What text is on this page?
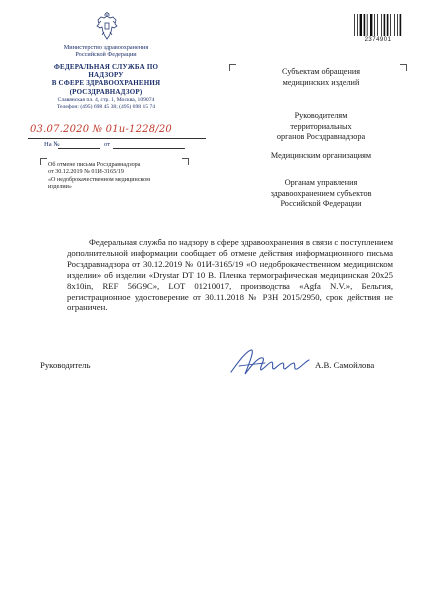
2374901
Министерство здравоохранения
Российской Федерации
ФЕДЕРАЛЬНАЯ СЛУЖБА ПО НАДЗОРУ
В СФЕРЕ ЗДРАВООХРАНЕНИЯ
(РОСЗДРАВНАДЗОР)
Славянская пл. 4, стр. 1, Москва, 109074
Телефон: (495) 698 45 38; (495) 698 15 74
03.07.2020 № 01и-1228/20
На №	от
Об отмене письма Росздравнадзора
от 30.12.2019 № 01И-3165/19
«О недоброкачественном медицинском
изделии»
Субъектам обращения
медицинских изделий
Руководителям
территориальных
органов Росздравнадзора
Медицинским организациям
Органам управления
здравоохранением субъектов
Российской Федерации
Федеральная служба по надзору в сфере здравоохранения в связи с поступлением дополнительной информации сообщает об отмене действия информационного письма Росздравнадзора от 30.12.2019 № 01И-3165/19 «О недоброкачественном медицинском изделии» об изделии «Drystar DT 10 B. Пленка термографическая медицинская 20х25 8х10in, REF 56G9C», LOT 01210017, производства «Agfa N.V.», Бельгия, регистрационное удостоверение от 30.11.2018 № РЗН 2015/2950, срок действия не ограничен.
Руководитель	А.В. Самойлова
